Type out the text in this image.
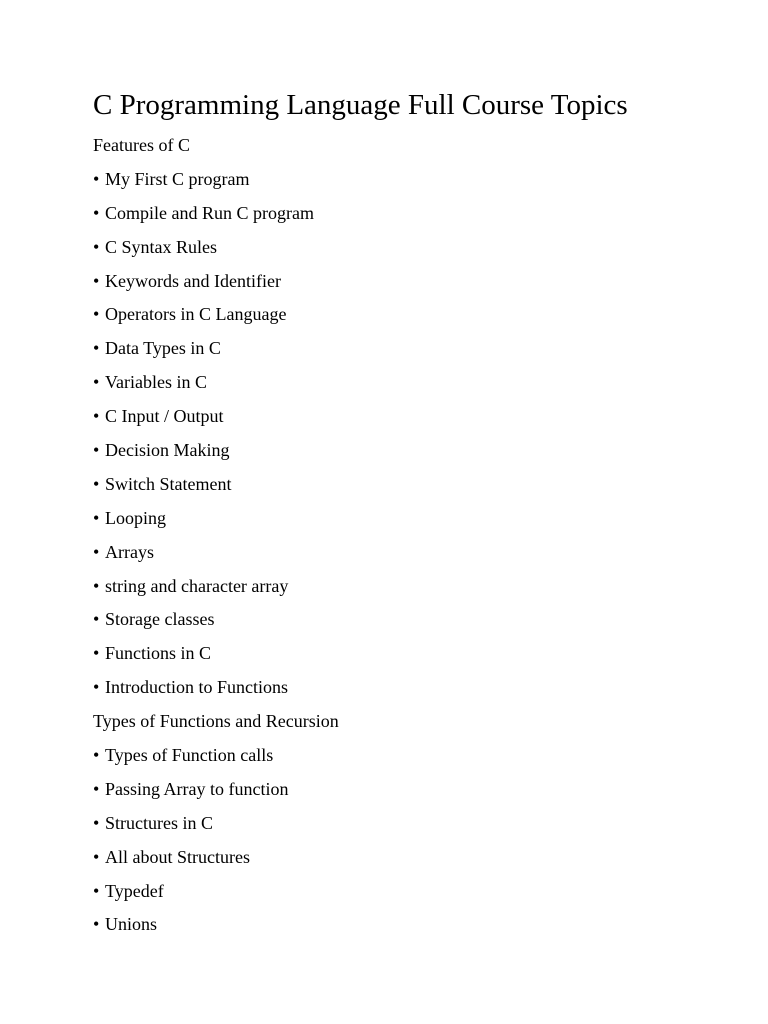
C Programming Language Full Course Topics
Features of C
• My First C program
• Compile and Run C program
• C Syntax Rules
• Keywords and Identifier
• Operators in C Language
• Data Types in C
• Variables in C
• C Input / Output
• Decision Making
• Switch Statement
• Looping
• Arrays
• string and character array
• Storage classes
• Functions in C
• Introduction to Functions
Types of Functions and Recursion
• Types of Function calls
• Passing Array to function
• Structures in C
• All about Structures
• Typedef
• Unions
